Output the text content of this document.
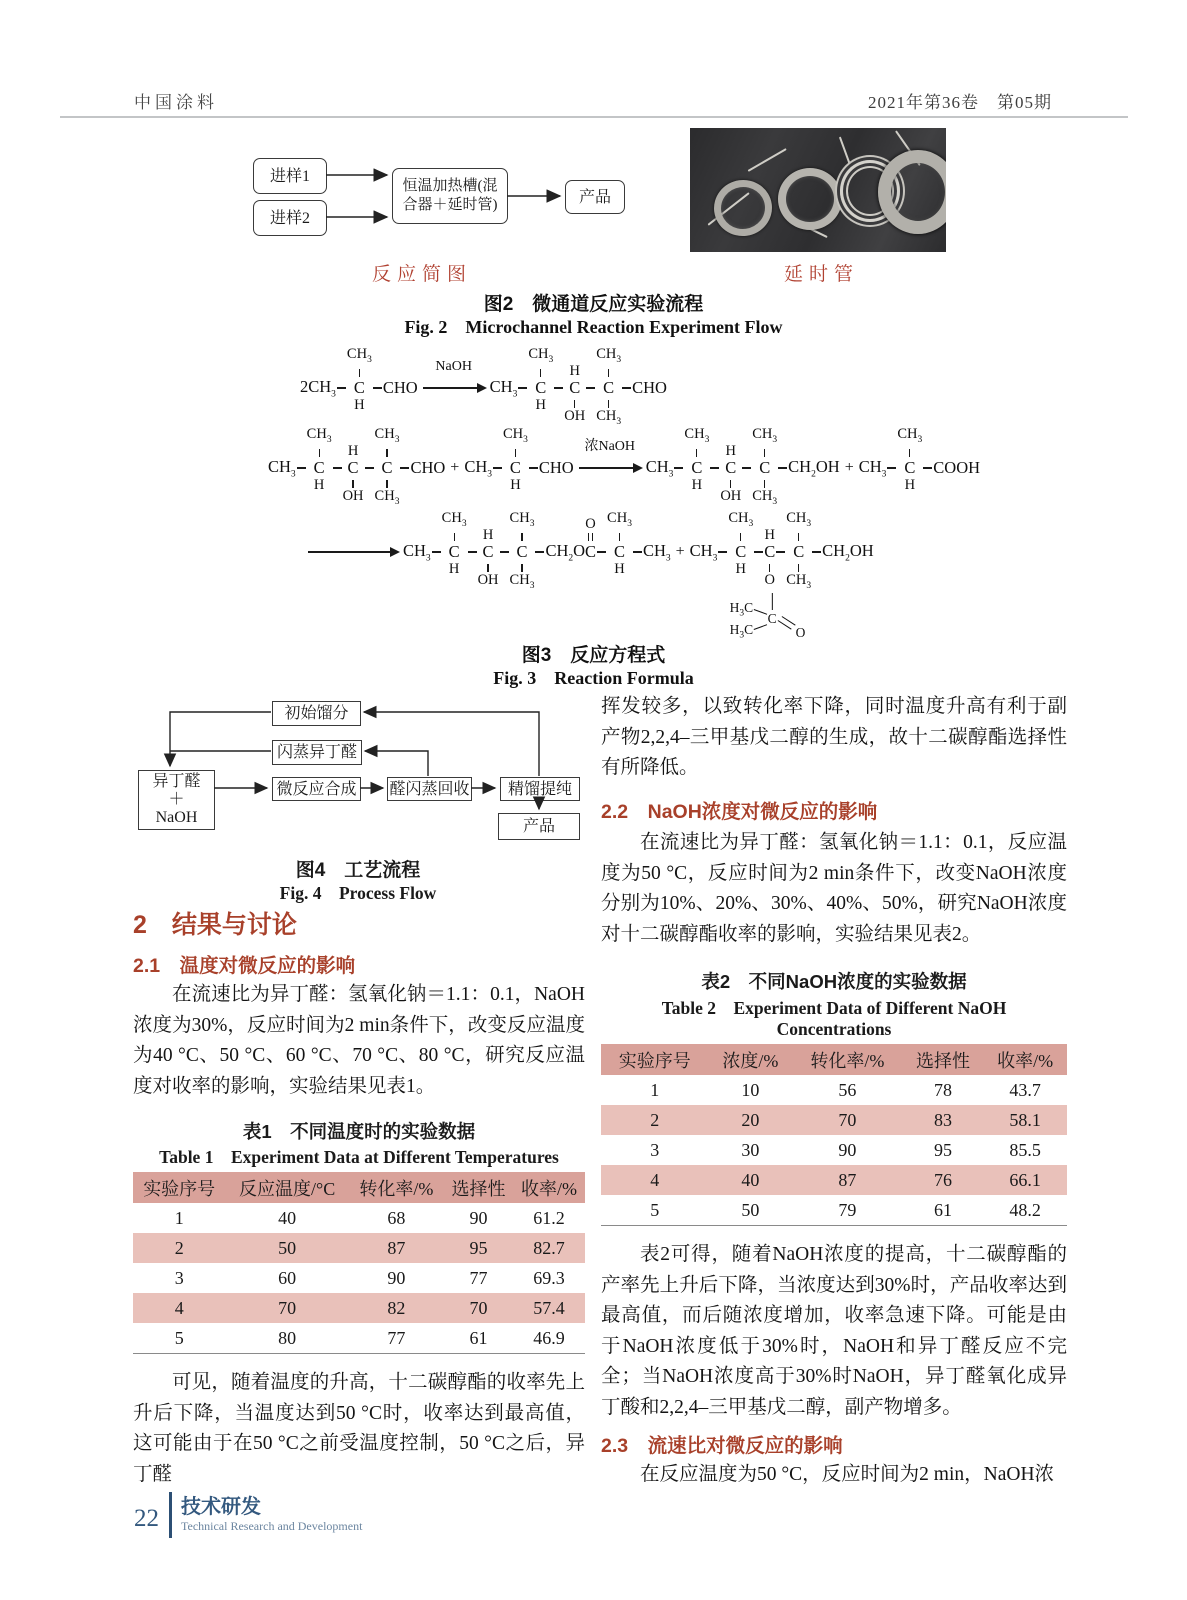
中国涂料	2021年第36卷　第05期
进样1
进样2
恒温加热槽(混
合器＋延时管)	产品
反应简图	延时管
图2　微通道反应实验流程
Fig. 2　Microchannel Reaction Experiment Flow
$2CH_3$
$CH_3$
C
H
CHO
NaOH
$CH_3$
$CH_3$
C
H
H
C
OH
$CH_3$
C
$CH_3$
CHO
$CH_3$
$CH_3$
C
H
H
C
OH
$CH_3$
C
$CH_3$
CHO + $CH_3$
$CH_3$
C
H
CHO
浓NaOH
$CH_3$
$CH_3$
C
H
H
C
OH
$CH_3$
C
$CH_3$
$CH_2OH + CH_3$
$CH_3$
C
H
COOH
$CH_3$
$CH_3$
C
H
H
C
OH
$CH_3$
C
$CH_3$
$CH_2O$
O
C
$CH_3$
C
H
$CH_3 + CH_3$
$CH_3$
C
H
H
C
O
$H_3C$
$H_3C$
C
O
$CH_3$
C
$CH_3$
$CH_2OH$
图3　反应方程式
Fig. 3　Reaction Formula
初始馏分
闪蒸异丁醛
异丁醛
＋
NaOH
微反应合成 醛闪蒸回收	精馏提纯
产品
图4　工艺流程
Fig. 4　Process Flow
2　结果与讨论
2.1　温度对微反应的影响
在流速比为异丁醛：氢氧化钠＝1.1：0.1，NaOH浓度为30%，反应时间为2 min条件下，改变反应温度为40 °C、50 °C、60 °C、70 °C、80 °C，研究反应温度对收率的影响，实验结果见表1。
表1　不同温度时的实验数据
Table 1　Experiment Data at Different Temperatures
实验序号	反应温度/°C	转化率/%	选择性	收率/%
1	40	68	90	61.2
2	50	87	95	82.7
3	60	90	77	69.3
4	70	82	70	57.4
5	80	77	61	46.9
可见，随着温度的升高，十二碳醇酯的收率先上升后下降，当温度达到50 °C时，收率达到最高值，这可能由于在50 °C之前受温度控制，50 °C之后，异丁醛
挥发较多，以致转化率下降，同时温度升高有利于副产物2,2,4–三甲基戊二醇的生成，故十二碳醇酯选择性有所降低。
2.2　NaOH浓度对微反应的影响
在流速比为异丁醛：氢氧化钠＝1.1：0.1，反应温度为50 °C，反应时间为2 min条件下，改变NaOH浓度分别为10%、20%、30%、40%、50%，研究NaOH浓度对十二碳醇酯收率的影响，实验结果见表2。
表2　不同NaOH浓度的实验数据
Table 2　Experiment Data of Different NaOH
Concentrations
实验序号	浓度/%	转化率/%	选择性	收率/%
1	10	56	78	43.7
2	20	70	83	58.1
3	30	90	95	85.5
4	40	87	76	66.1
5	50	79	61	48.2
表2可得，随着NaOH浓度的提高，十二碳醇酯的产率先上升后下降，当浓度达到30%时，产品收率达到最高值，而后随浓度增加，收率急速下降。可能是由于NaOH浓度低于30%时，NaOH和异丁醛反应不完全；当NaOH浓度高于30%时NaOH，异丁醛氧化成异丁酸和2,2,4–三甲基戊二醇，副产物增多。
2.3　流速比对微反应的影响
在反应温度为50 °C，反应时间为2 min，NaOH浓
22 技术研发
Technical Research and Development
